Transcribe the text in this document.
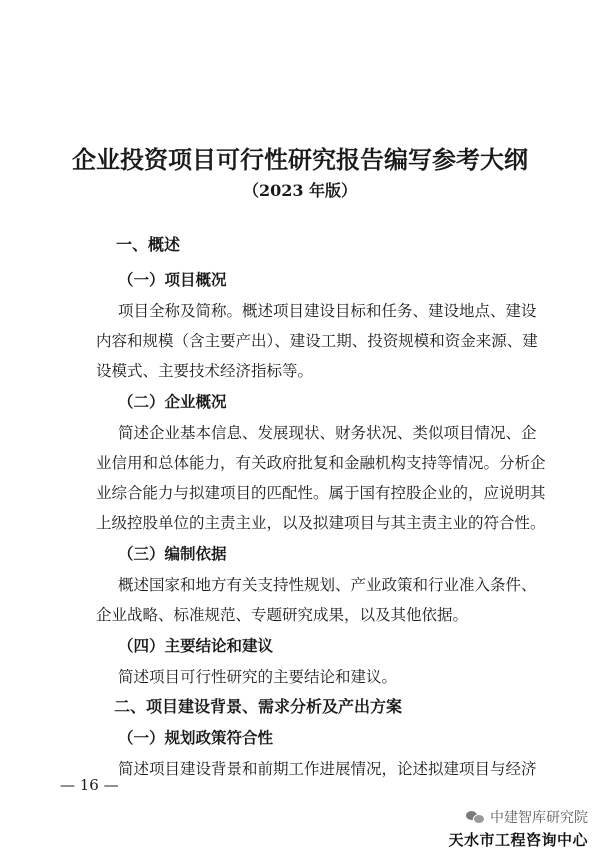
企业投资项目可行性研究报告编写参考大纲
（2023 年版）
一、概述
（一）项目概况
项目全称及简称。概述项目建设目标和任务、建设地点、建设
内容和规模（含主要产出）、建设工期、投资规模和资金来源、建
设模式、主要技术经济指标等。
（二）企业概况
简述企业基本信息、发展现状、财务状况、类似项目情况、企
业信用和总体能力，有关政府批复和金融机构支持等情况。分析企
业综合能力与拟建项目的匹配性。属于国有控股企业的，应说明其
上级控股单位的主责主业，以及拟建项目与其主责主业的符合性。
（三）编制依据
概述国家和地方有关支持性规划、产业政策和行业准入条件、
企业战略、标准规范、专题研究成果，以及其他依据。
（四）主要结论和建议
简述项目可行性研究的主要结论和建议。
二、项目建设背景、需求分析及产出方案
（一）规划政策符合性
简述项目建设背景和前期工作进展情况，论述拟建项目与经济
— 16 —
中建智库研究院
天水市工程咨询中心
